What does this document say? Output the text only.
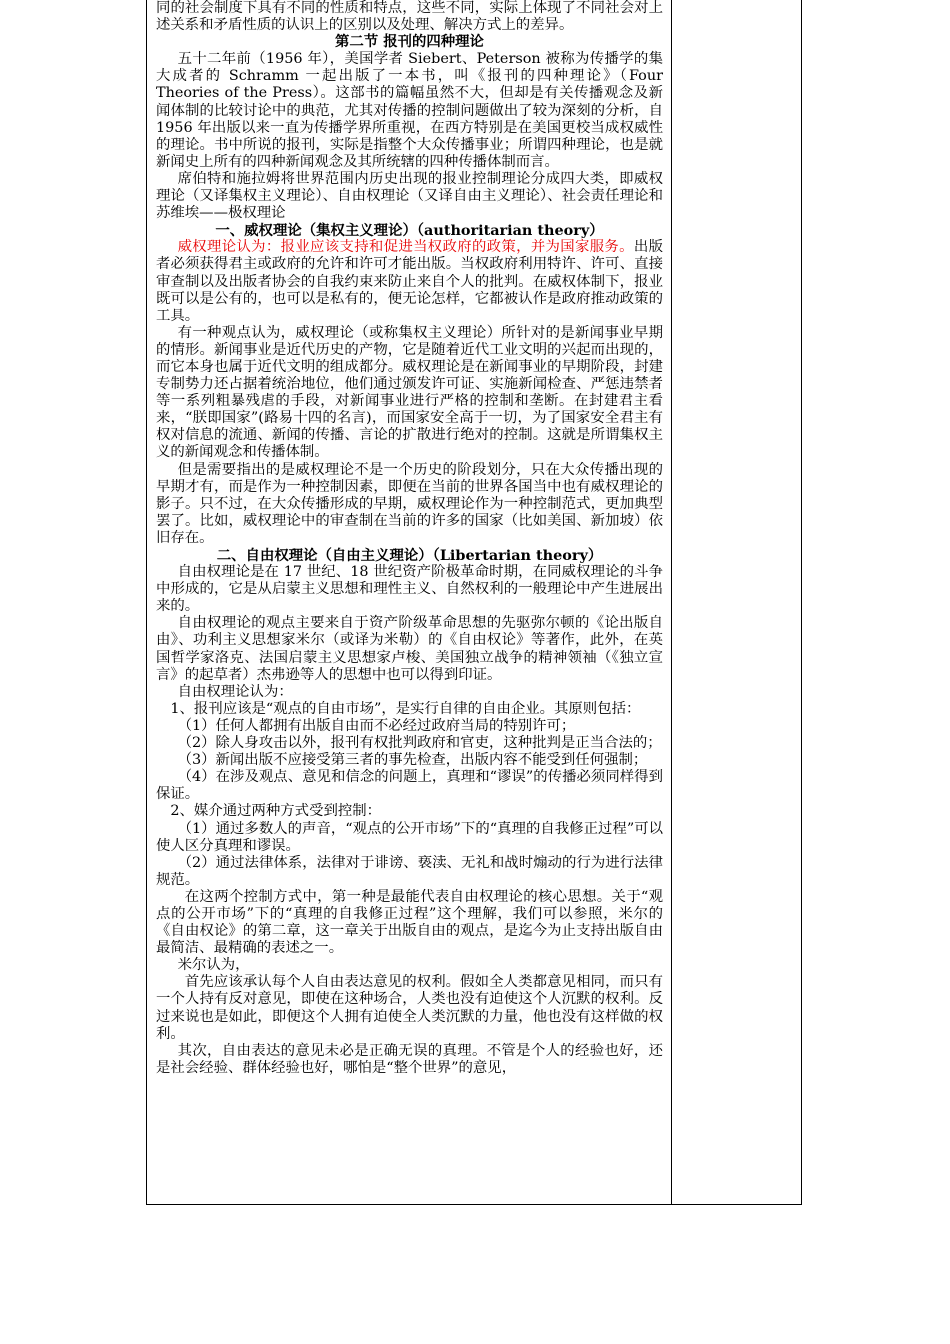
同的社会制度下具有不同的性质和特点，这些不同，实际上体现了不同社会对上述关系和矛盾性质的认识上的区别以及处理、解决方式上的差异。

第二节 报刊的四种理论

五十二年前（1956 年），美国学者 Siebert、Peterson 被称为传播学的集大成者的 Schramm 一起出版了一本书，叫《报刊的四种理论》（Four Theories of the Press）。这部书的篇幅虽然不大，但却是有关传播观念及新闻体制的比较讨论中的典范，尤其对传播的控制问题做出了较为深刻的分析，自 1956 年出版以来一直为传播学界所重视，在西方特别是在美国更校当成权威性的理论。书中所说的报刊，实际是指整个大众传播事业；所谓四种理论，也是就新闻史上所有的四种新闻观念及其所统辖的四种传播体制而言。

席伯特和施拉姆将世界范围内历史出现的报业控制理论分成四大类，即威权理论（又译集权主义理论）、自由权理论（又译自由主义理论）、社会责任理论和苏维埃——极权理论

一、威权理论（集权主义理论）（authoritarian theory）

威权理论认为：报业应该支持和促进当权政府的政策，并为国家服务。出版者必须获得君主或政府的允许和许可才能出版。当权政府利用特许、许可、直接审查制以及出版者协会的自我约束来防止来自个人的批判。在威权体制下，报业既可以是公有的，也可以是私有的，便无论怎样，它都被认作是政府推动政策的工具。

有一种观点认为，威权理论（或称集权主义理论）所针对的是新闻事业早期的情形。新闻事业是近代历史的产物，它是随着近代工业文明的兴起而出现的，而它本身也属于近代文明的组成都分。威权理论是在新闻事业的早期阶段，封建专制势力还占据着统治地位，他们通过颁发许可证、实施新闻检查、严惩违禁者等一系列粗暴残虐的手段，对新闻事业进行严格的控制和垄断。在封建君主看来，“朕即国家”(路易十四的名言)，而国家安全高于一切，为了国家安全君主有权对信息的流通、新闻的传播、言论的扩散进行绝对的控制。这就是所谓集权主义的新闻观念和传播体制。

但是需要指出的是威权理论不是一个历史的阶段划分，只在大众传播出现的早期才有，而是作为一种控制因素，即便在当前的世界各国当中也有威权理论的影子。只不过，在大众传播形成的早期，威权理论作为一种控制范式，更加典型罢了。比如，威权理论中的审查制在当前的许多的国家（比如美国、新加坡）依旧存在。

二、自由权理论（自由主义理论）（Libertarian theory）

自由权理论是在 17 世纪、18 世纪资产阶极革命时期，在同威权理论的斗争中形成的，它是从启蒙主义思想和理性主义、自然权利的一般理论中产生进展出来的。

自由权理论的观点主要来自于资产阶级革命思想的先驱弥尔顿的《论出版自由》、功利主义思想家米尔（或译为米勒）的《自由权论》等著作，此外，在英国哲学家洛克、法国启蒙主义思想家卢梭、美国独立战争的精神领袖（《独立宣言》的起草者）杰弗逊等人的思想中也可以得到印证。

自由权理论认为：

1、报刊应该是“观点的自由市场”，是实行自律的自由企业。其原则包括：

（1）任何人都拥有出版自由而不必经过政府当局的特别许可；

（2）除人身攻击以外，报刊有权批判政府和官吏，这种批判是正当合法的；

（3）新闻出版不应接受第三者的事先检查，出版内容不能受到任何强制；

（4）在涉及观点、意见和信念的问题上，真理和“谬误”的传播必须同样得到保证。

2、媒介通过两种方式受到控制：

（1）通过多数人的声音，“观点的公开市场”下的“真理的自我修正过程”可以使人区分真理和谬误。

（2）通过法律体系，法律对于诽谤、亵渎、无礼和战时煽动的行为进行法律规范。

在这两个控制方式中，第一种是最能代表自由权理论的核心思想。关于“观点的公开市场”下的“真理的自我修正过程”这个理解，我们可以参照，米尔的《自由权论》的第二章，这一章关于出版自由的观点，是迄今为止支持出版自由最简洁、最精确的表述之一。

米尔认为，

首先应该承认每个人自由表达意见的权利。假如全人类都意见相同，而只有一个人持有反对意见，即使在这种场合，人类也没有迫使这个人沉默的权利。反过来说也是如此，即便这个人拥有迫使全人类沉默的力量，他也没有这样做的权利。

其次，自由表达的意见未必是正确无误的真理。不管是个人的经验也好，还是社会经验、群体经验也好，哪怕是“整个世界”的意见，
